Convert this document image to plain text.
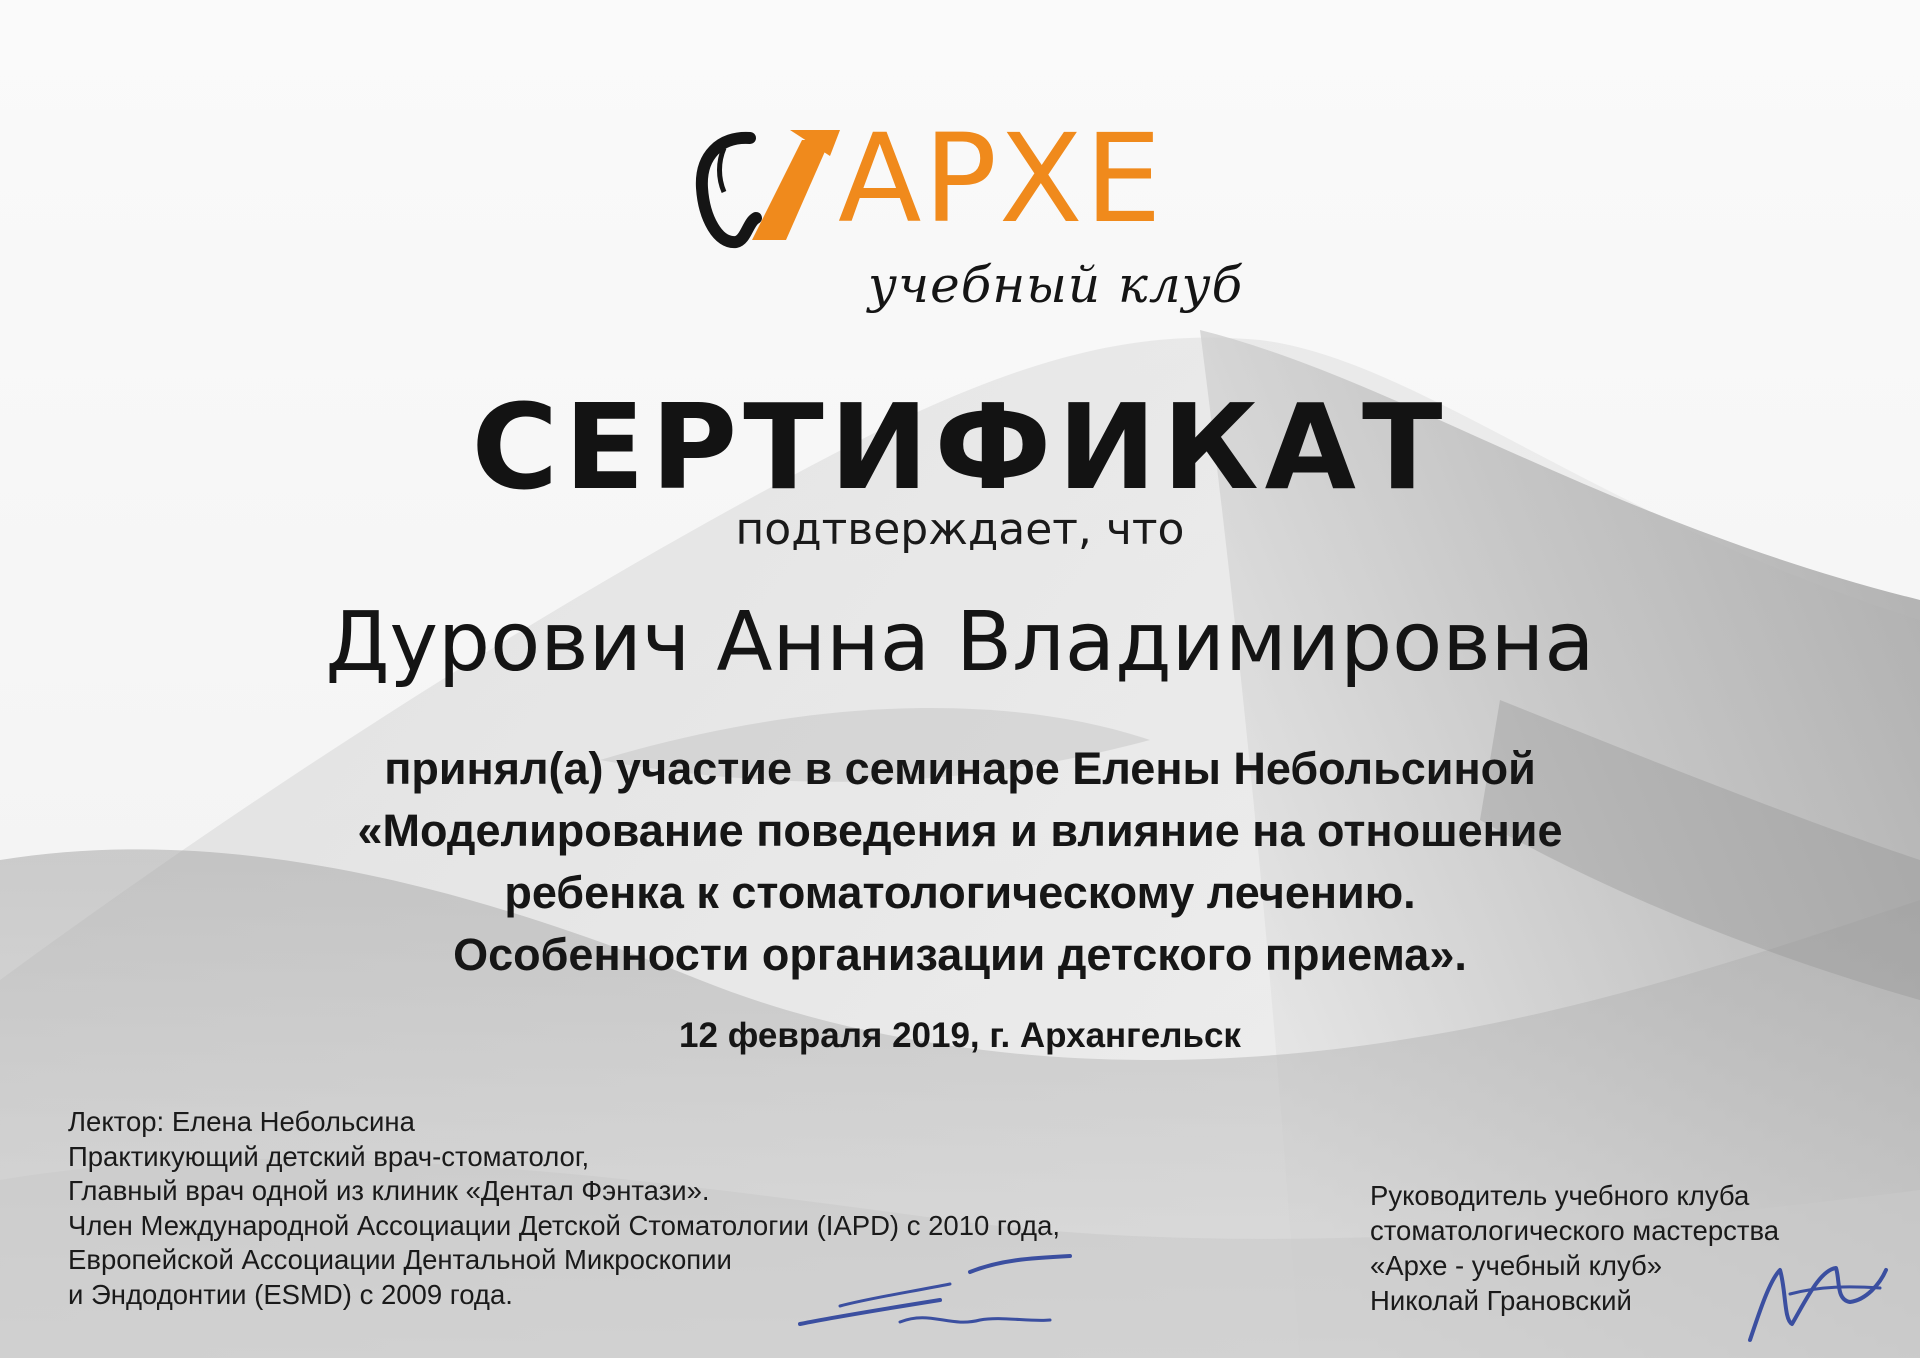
АРХЕ
учебный клуб
СЕРТИФИКАТ
подтверждает, что
Дурович Анна Владимировна
принял(а) участие в семинаре Елены Небольсиной
«Моделирование поведения и влияние на отношение
ребенка к стоматологическому лечению.
Особенности организации детского приема».
12 февраля 2019, г. Архангельск
Лектор: Елена Небольсина
Практикующий детский врач-стоматолог,
Главный врач одной из клиник «Дентал Фэнтази».
Член Международной Ассоциации Детской Стоматологии (IAPD) с 2010 года,
Европейской Ассоциации Дентальной Микроскопии
и Эндодонтии (ESMD) с 2009 года.
Руководитель учебного клуба
стоматологического мастерства
«Архе - учебный клуб»
Николай Грановский
